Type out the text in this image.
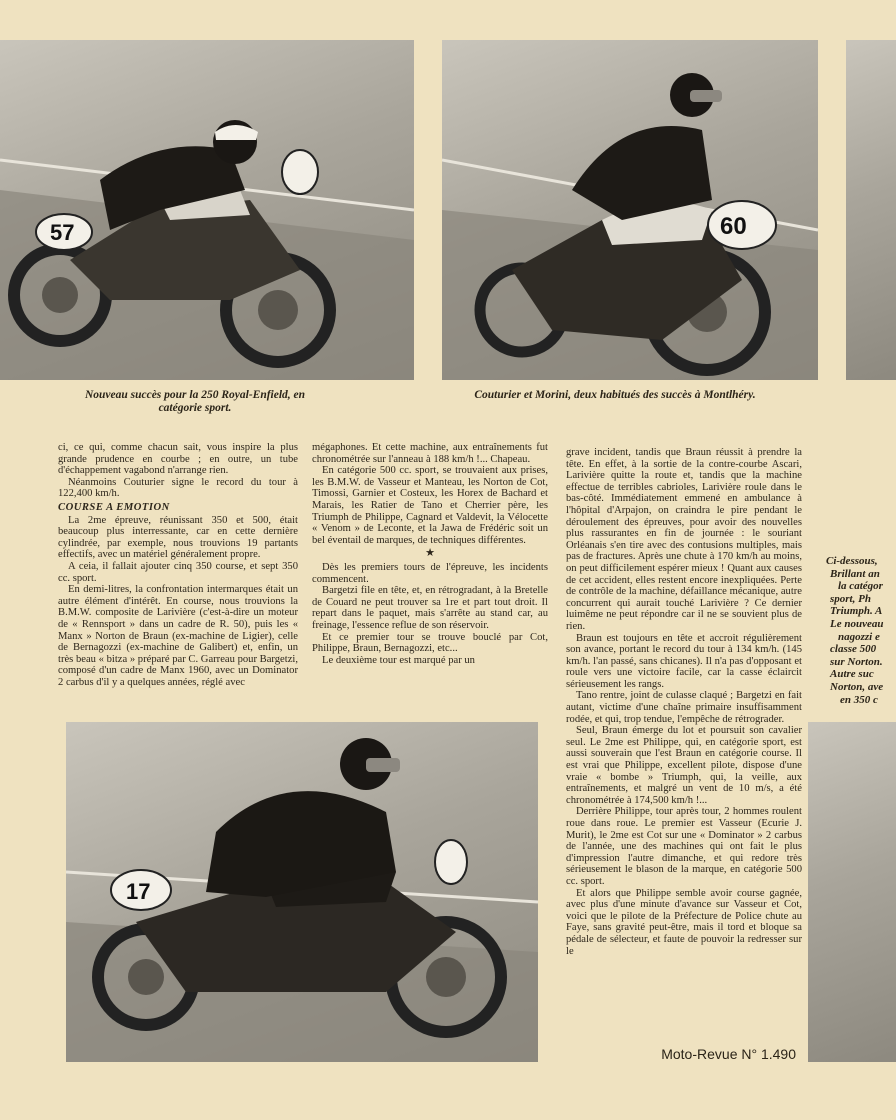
57	60
Nouveau succès pour la 250 Royal-Enfield, en catégorie sport.
Couturier et Morini, deux habitués des succès à Montlhéry.
Ci-dessous,
Brillant an
la catégor
sport, Ph
Triumph. A
Le nouveau
nagozzi e
classe 500
sur Norton.
Autre suc
Norton, ave
en 350 c

ci, ce qui, comme chacun sait, vous inspire la plus grande prudence en courbe ; en outre, un tube d'échappement vagabond n'arrange rien.

Néanmoins Couturier signe le record du tour à 122,400 km/h.

COURSE A EMOTION

La 2me épreuve, réunissant 350 et 500, était beaucoup plus interressante, car en cette dernière cylindrée, par exemple, nous trouvions 19 partants effectifs, avec un matériel généralement propre.

A ceia, il fallait ajouter cinq 350 course, et sept 350 cc. sport.

En demi-litres, la confrontation intermarques était un autre élément d'intérêt. En course, nous trouvions la B.M.W. composite de Larivière (c'est-à-dire un moteur de « Rennsport » dans un cadre de R. 50), puis les « Manx » Norton de Braun (ex-machine de Ligier), celle de Bernagozzi (ex-machine de Galibert) et, enfin, un très beau « bitza » préparé par C. Garreau pour Bargetzi, composé d'un cadre de Manx 1960, avec un Dominator 2 carbus d'il y a quelques années, réglé avec

mégaphones. Et cette machine, aux entraînements fut chronométrée sur l'anneau à 188 km/h !... Chapeau.

En catégorie 500 cc. sport, se trouvaient aux prises, les B.M.W. de Vasseur et Manteau, les Norton de Cot, Timossi, Garnier et Costeux, les Horex de Bachard et Marais, les Ratier de Tano et Cherrier père, les Triumph de Philippe, Cagnard et Valdevit, la Vélocette « Venom » de Leconte, et la Jawa de Frédéric soit un bel éventail de marques, de techniques différentes.

★

Dès les premiers tours de l'épreuve, les incidents commencent.

Bargetzi file en tête, et, en rétrogradant, à la Bretelle de Couard ne peut trouver sa 1re et part tout droit. Il repart dans le paquet, mais s'arrête au stand car, au freinage, l'essence reflue de son réservoir.

Et ce premier tour se trouve bouclé par Cot, Philippe, Braun, Bernagozzi, etc...

Le deuxième tour est marqué par un

grave incident, tandis que Braun réussit à prendre la tête. En effet, à la sortie de la contre-courbe Ascari, Larivière quitte la route et, tandis que la machine effectue de terribles cabrioles, Larivière roule dans le bas-côté. Immédiatement emmené en ambulance à l'hôpital d'Arpajon, on craindra le pire pendant le déroulement des épreuves, pour avoir des nouvelles plus rassurantes en fin de journée : le souriant Orléanais s'en tire avec des contusions multiples, mais pas de fractures. Après une chute à 170 km/h au moins, on peut difficilement espérer mieux ! Quant aux causes de cet accident, elles restent encore inexpliquées. Perte de contrôle de la machine, défaillance mécanique, autre concurrent qui aurait touché Larivière ? Ce dernier luimême ne peut répondre car il ne se souvient plus de rien.

Braun est toujours en tête et accroit régulièrement son avance, portant le record du tour à 134 km/h. (145 km/h. l'an passé, sans chicanes). Il n'a pas d'opposant et roule vers une victoire facile, car la casse éclaircit sérieusement les rangs.

Tano rentre, joint de culasse claqué ; Bargetzi en fait autant, victime d'une chaîne primaire insuffisamment rodée, et qui, trop tendue, l'empêche de rétrograder.

Seul, Braun émerge du lot et poursuit son cavalier seul. Le 2me est Philippe, qui, en catégorie sport, est aussi souverain que l'est Braun en catégorie course. Il est vrai que Philippe, excellent pilote, dispose d'une vraie « bombe » Triumph, qui, la veille, aux entraînements, et malgré un vent de 10 m/s, a été chronométrée à 174,500 km/h !...

Derrière Philippe, tour après tour, 2 hommes roulent roue dans roue. Le premier est Vasseur (Ecurie J. Murit), le 2me est Cot sur une « Dominator » 2 carbus de l'année, une des machines qui ont fait le plus d'impression l'autre dimanche, et qui redore très sérieusement le blason de la marque, en catégorie 500 cc. sport.

Et alors que Philippe semble avoir course gagnée, avec plus d'une minute d'avance sur Vasseur et Cot, voici que le pilote de la Préfecture de Police chute au Faye, sans gravité peut-être, mais il tord et bloque sa pédale de sélecteur, et faute de pouvoir la redresser sur le

17
Moto-Revue N° 1.490
